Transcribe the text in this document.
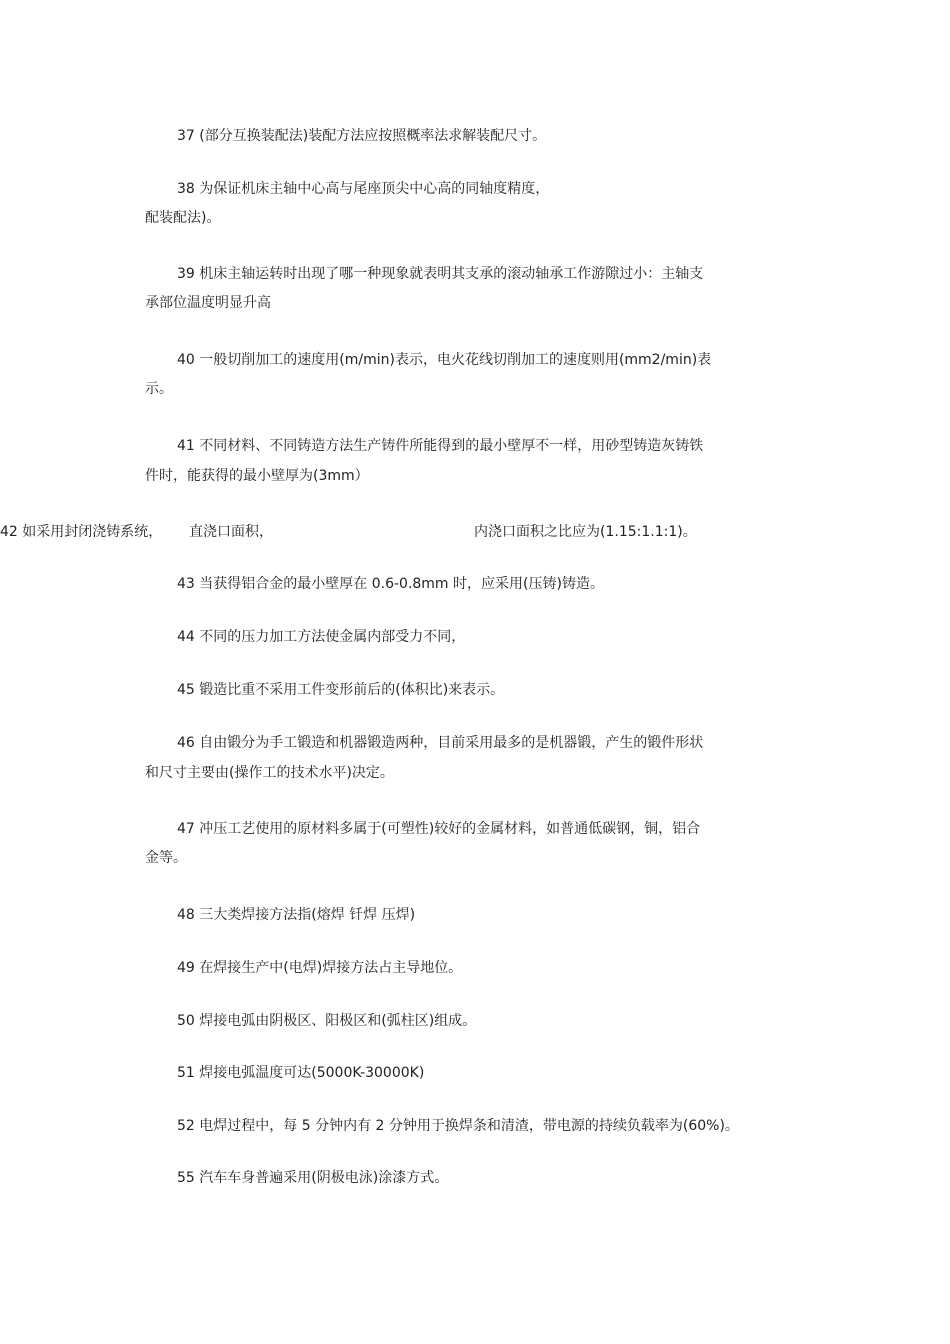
37 (部分互换装配法)装配方法应按照概率法求解装配尺寸。
38 为保证机床主轴中心高与尾座顶尖中心高的同轴度精度，
配装配法)。
39 机床主轴运转时出现了哪一种现象就表明其支承的滚动轴承工作游隙过小：主轴支
承部位温度明显升高
40 一般切削加工的速度用(m/min)表示，电火花线切削加工的速度则用(mm2/min)表
示。
41 不同材料、不同铸造方法生产铸件所能得到的最小壁厚不一样，用砂型铸造灰铸铁
件时，能获得的最小壁厚为(3mm）
42 如采用封闭浇铸系统， 直浇口面积，	内浇口面积之比应为(1.15:1.1:1)。
43 当获得铝合金的最小壁厚在 0.6-0.8mm 时，应采用(压铸)铸造。
44 不同的压力加工方法使金属内部受力不同，
45 锻造比重不采用工件变形前后的(体积比)来表示。
46 自由锻分为手工锻造和机器锻造两种，目前采用最多的是机器锻，产生的锻件形状
和尺寸主要由(操作工的技术水平)决定。
47 冲压工艺使用的原材料多属于(可塑性)较好的金属材料，如普通低碳钢，铜，铝合
金等。
48 三大类焊接方法指(熔焊 钎焊 压焊)
49 在焊接生产中(电焊)焊接方法占主导地位。
50 焊接电弧由阴极区、阳极区和(弧柱区)组成。
51 焊接电弧温度可达(5000K-30000K)
52 电焊过程中，每 5 分钟内有 2 分钟用于换焊条和清渣，带电源的持续负载率为(60%)。
55 汽车车身普遍采用(阴极电泳)涂漆方式。
